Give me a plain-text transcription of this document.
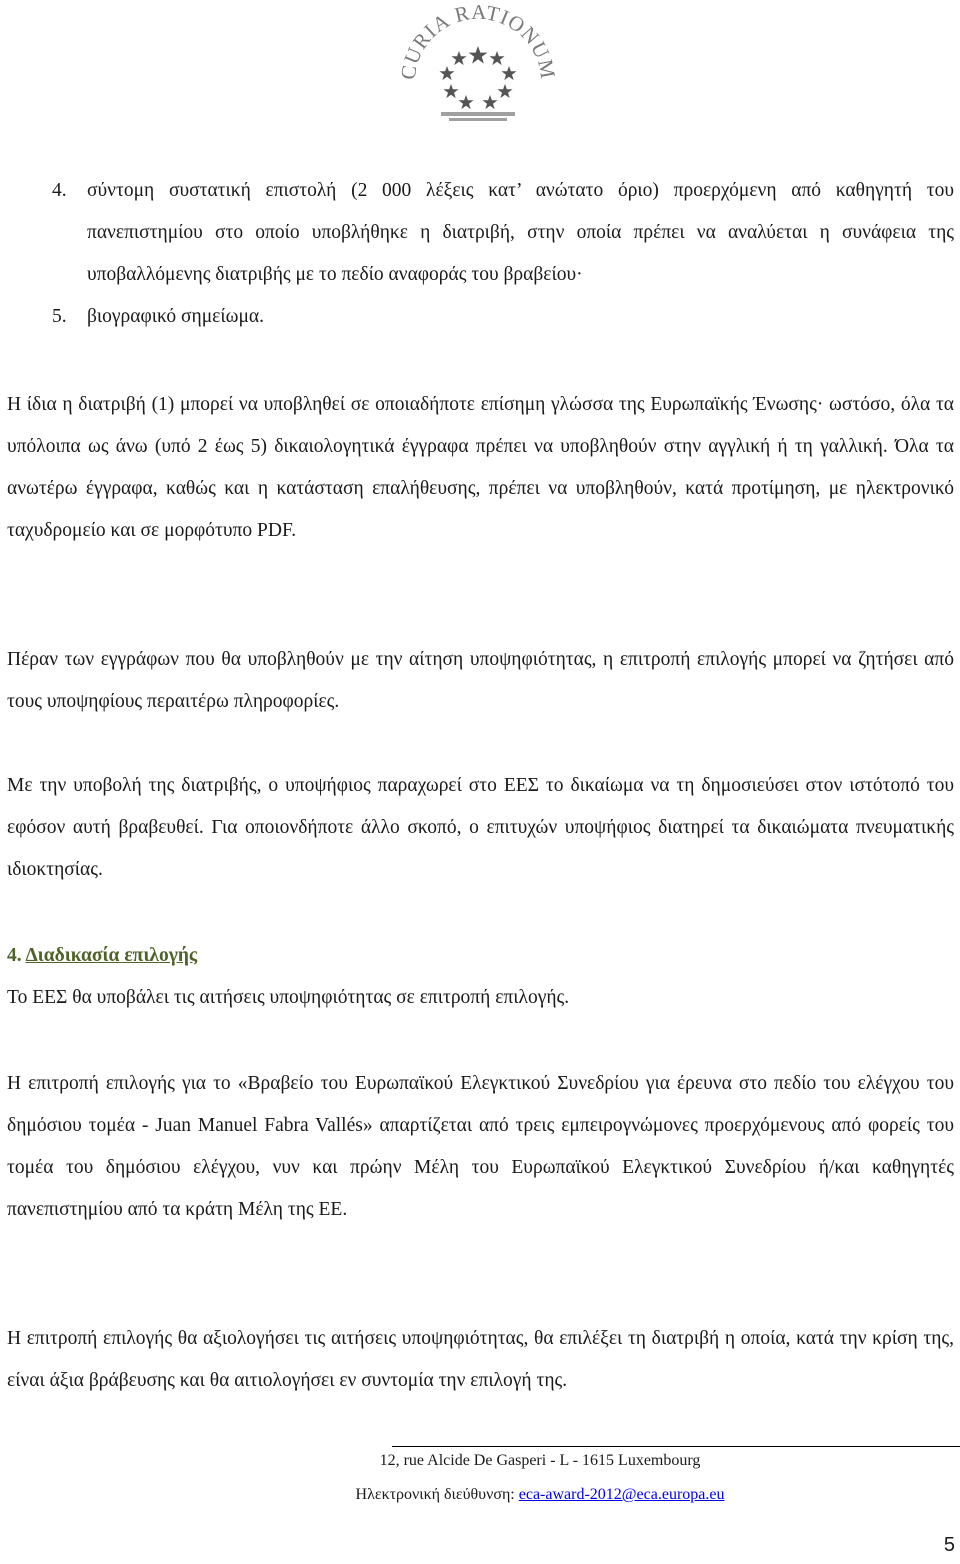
CURIA RATIONUM
4. σύντομη συστατική επιστολή (2 000 λέξεις κατ’ ανώτατο όριο) προερχόμενη από καθηγητή του πανεπιστημίου στο οποίο υποβλήθηκε η διατριβή, στην οποία πρέπει να αναλύεται η συνάφεια της υποβαλλόμενης διατριβής με το πεδίο αναφοράς του βραβείου·
5. βιογραφικό σημείωμα.

Η ίδια η διατριβή (1) μπορεί να υποβληθεί σε οποιαδήποτε επίσημη γλώσσα της Ευρωπαϊκής Ένωσης· ωστόσο, όλα τα υπόλοιπα ως άνω (υπό 2 έως 5) δικαιολογητικά έγγραφα πρέπει να υποβληθούν στην αγγλική ή τη γαλλική. Όλα τα ανωτέρω έγγραφα, καθώς και η κατάσταση επαλήθευσης, πρέπει να υποβληθούν, κατά προτίμηση, με ηλεκτρονικό ταχυδρομείο και σε μορφότυπο PDF.

Πέραν των εγγράφων που θα υποβληθούν με την αίτηση υποψηφιότητας, η επιτροπή επιλογής μπορεί να ζητήσει από τους υποψηφίους περαιτέρω πληροφορίες.

Με την υποβολή της διατριβής, ο υποψήφιος παραχωρεί στο ΕΕΣ το δικαίωμα να τη δημοσιεύσει στον ιστότοπό του εφόσον αυτή βραβευθεί. Για οποιονδήποτε άλλο σκοπό, ο επιτυχών υποψήφιος διατηρεί τα δικαιώματα πνευματικής ιδιοκτησίας.

4. Διαδικασία επιλογής

Το ΕΕΣ θα υποβάλει τις αιτήσεις υποψηφιότητας σε επιτροπή επιλογής.

Η επιτροπή επιλογής για το «Βραβείο του Ευρωπαϊκού Ελεγκτικού Συνεδρίου για έρευνα στο πεδίο του ελέγχου του δημόσιου τομέα - Juan Manuel Fabra Vallés» απαρτίζεται από τρεις εμπειρογνώμονες προερχόμενους από φορείς του τομέα του δημόσιου ελέγχου, νυν και πρώην Μέλη του Ευρωπαϊκού Ελεγκτικού Συνεδρίου ή/και καθηγητές πανεπιστημίου από τα κράτη Μέλη της ΕΕ.

Η επιτροπή επιλογής θα αξιολογήσει τις αιτήσεις υποψηφιότητας, θα επιλέξει τη διατριβή η οποία, κατά την κρίση της, είναι άξια βράβευσης και θα αιτιολογήσει εν συντομία την επιλογή της.

12, rue Alcide De Gasperi - L - 1615 Luxembourg
Ηλεκτρονική διεύθυνση: eca-award-2012@eca.europa.eu
5
